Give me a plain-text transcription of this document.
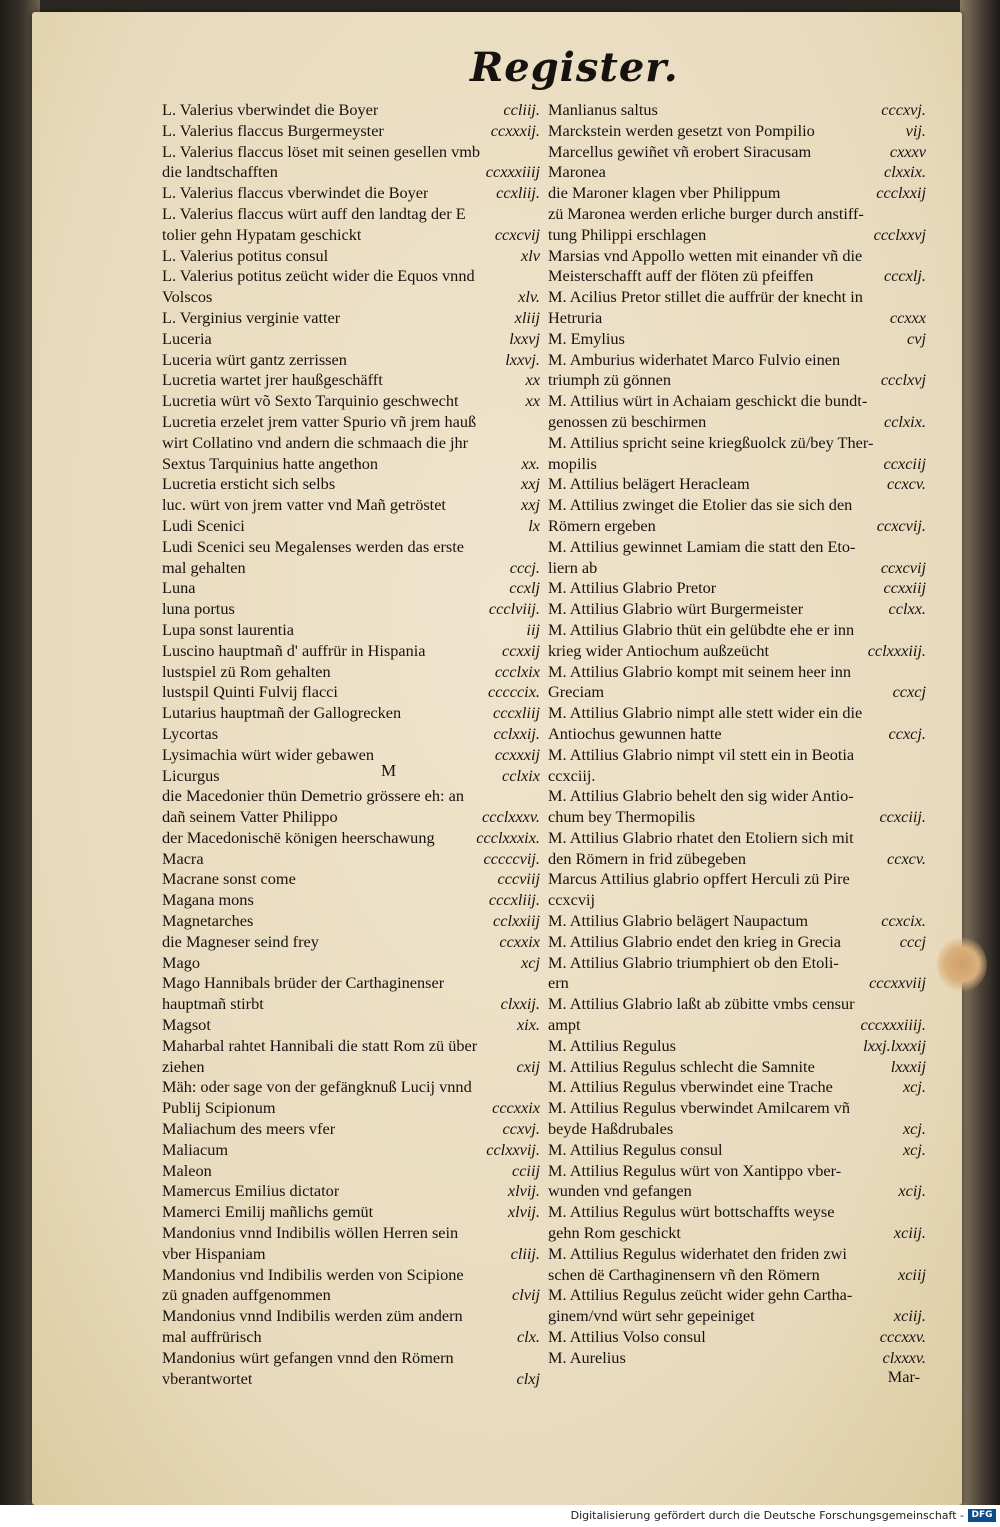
Register.
L. Valerius vberwindet die Boyer	ccliij.
L. Valerius flaccus Burgermeyster	ccxxxij.
L. Valerius flaccus löset mit seinen gesellen vmb
die landtschafften	ccxxxiiij
L. Valerius flaccus vberwindet die Boyer	ccxliij.
L. Valerius flaccus würt auff den landtag der E
tolier gehn Hypatam geschickt	ccxcvij
L. Valerius potitus consul	xlv
L. Valerius potitus zeücht wider die Equos vnnd
Volscos	xlv.
L. Verginius verginie vatter	xliij
Luceria	lxxvj
Luceria würt gantz zerrissen	lxxvj.
Lucretia wartet jrer haußgeschäfft	xx
Lucretia würt võ Sexto Tarquinio geschwecht	xx
Lucretia erzelet jrem vatter Spurio vñ jrem hauß
wirt Collatino vnd andern die schmaach die jhr
Sextus Tarquinius hatte angethon	xx.
Lucretia ersticht sich selbs	xxj
luc. würt von jrem vatter vnd Mañ getröstet	xxj
Ludi Scenici	lx
Ludi Scenici seu Megalenses werden das erste
mal gehalten	cccj.
Luna	ccxlj
luna portus	ccclviij.
Lupa sonst laurentia	iij
Luscino hauptmañ d' auffrür in Hispania	ccxxij
lustspiel zü Rom gehalten	ccclxix
lustspil Quinti Fulvij flacci	cccccix.
Lutarius hauptmañ der Gallogrecken	cccxliij
Lycortas	cclxxij.
Lysimachia würt wider gebawen	ccxxxij
Licurgus	cclxix
die Macedonier thün Demetrio grössere eh: an
dañ seinem Vatter Philippo	ccclxxxv.
der Macedonischë königen heerschawung	ccclxxxix.
Macra	cccccvij.
Macrane sonst come	cccviij
Magana mons	cccxliij.
Magnetarches	cclxxiij
die Magneser seind frey	ccxxix
Mago	xcj
Mago Hannibals brüder der Carthaginenser
hauptmañ stirbt	clxxij.
Magsot	xix.
Maharbal rahtet Hannibali die statt Rom zü über
ziehen	cxij
Mäh: oder sage von der gefängknuß Lucij vnnd
Publij Scipionum	cccxxix
Maliachum des meers vfer	ccxvj.
Maliacum	cclxxvij.
Maleon	cciij
Mamercus Emilius dictator	xlvij.
Mamerci Emilij mañlichs gemüt	xlvij.
Mandonius vnnd Indibilis wöllen Herren sein
vber Hispaniam	cliij.
Mandonius vnd Indibilis werden von Scipione
zü gnaden auffgenommen	clvij
Mandonius vnnd Indibilis werden züm andern
mal auffrürisch	clx.
Mandonius würt gefangen vnnd den Römern
vberantwortet	clxj
Manlianus saltus	cccxvj.
Marckstein werden gesetzt von Pompilio	vij.
Marcellus gewiñet vñ erobert Siracusam	cxxxv
Maronea	clxxix.
die Maroner klagen vber Philippum	ccclxxij
zü Maronea werden erliche burger durch anstiff-
tung Philippi erschlagen	ccclxxvj
Marsias vnd Appollo wetten mit einander vñ die
Meisterschafft auff der flöten zü pfeiffen	cccxlj.
M. Acilius Pretor stillet die auffrür der knecht in
Hetruria	ccxxx
M. Emylius	cvj
M. Amburius widerhatet Marco Fulvio einen
triumph zü gönnen	ccclxvj
M. Attilius würt in Achaiam geschickt die bundt-
genossen zü beschirmen	cclxix.
M. Attilius spricht seine kriegßuolck zü/bey Ther-
mopilis	ccxciij
M. Attilius belägert Heracleam	ccxcv.
M. Attilius zwinget die Etolier das sie sich den
Römern ergeben	ccxcvij.
M. Attilius gewinnet Lamiam die statt den Eto-
liern ab	ccxcvij
M. Attilius Glabrio Pretor	ccxxiij
M. Attilius Glabrio würt Burgermeister	cclxx.
M. Attilius Glabrio thüt ein gelübdte ehe er inn
krieg wider Antiochum außzeücht	cclxxxiij.
M. Attilius Glabrio kompt mit seinem heer inn
Greciam	ccxcj
M. Attilius Glabrio nimpt alle stett wider ein die
Antiochus gewunnen hatte	ccxcj.
M. Attilius Glabrio nimpt vil stett ein in Beotia
ccxciij.
M. Attilius Glabrio behelt den sig wider Antio-
chum bey Thermopilis	ccxciij.
M. Attilius Glabrio rhatet den Etoliern sich mit
den Römern in frid zübegeben	ccxcv.
Marcus Attilius glabrio opffert Herculi zü Pire
ccxcvij
M. Attilius Glabrio belägert Naupactum	ccxcix.
M. Attilius Glabrio endet den krieg in Grecia	cccj
M. Attilius Glabrio triumphiert ob den Etoli-
ern	cccxxviij
M. Attilius Glabrio laßt ab zübitte vmbs censur
ampt	cccxxxiiij.
M. Attilius Regulus	lxxj.lxxxij
M. Attilius Regulus schlecht die Samnite	lxxxij
M. Attilius Regulus vberwindet eine Trache	xcj.
M. Attilius Regulus vberwindet Amilcarem vñ
beyde Haßdrubales	xcj.
M. Attilius Regulus consul	xcj.
M. Attilius Regulus würt von Xantippo vber-
wunden vnd gefangen	xcij.
M. Attilius Regulus würt bottschaffts weyse
gehn Rom geschickt	xciij.
M. Attilius Regulus widerhatet den friden zwi
schen dë Carthaginensern vñ den Römern	xciij
M. Attilius Regulus zeücht wider gehn Cartha-
ginem/vnd würt sehr gepeiniget	xciij.
M. Attilius Volso consul	cccxxv.
M. Aurelius	clxxxv.
M
Mar-
Digitalisierung gefördert durch die Deutsche Forschungsgemeinschaft - DFG
